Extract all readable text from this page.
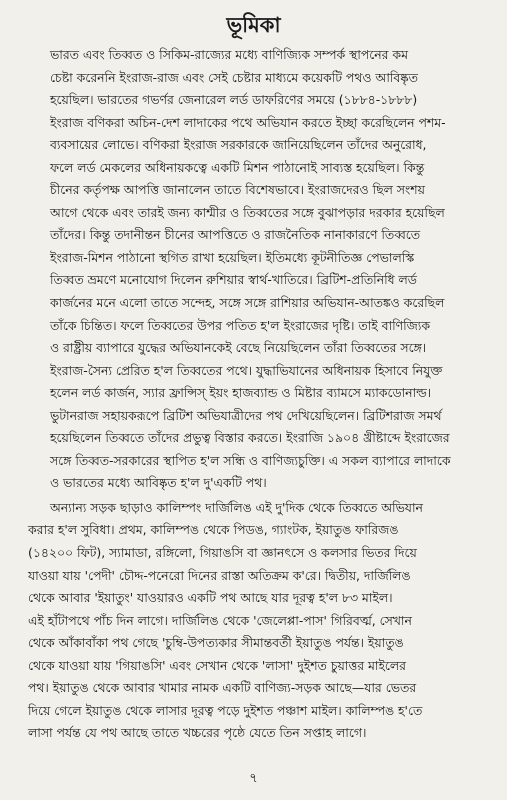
ভূমিকা
ভারত এবং তিব্বত ও সিকিম-রাজ্যের মধ্যে বাণিজ্যিক সম্পর্ক স্থাপনের কম
চেষ্টা করেননি ইংরাজ-রাজ এবং সেই চেষ্টার মাধ্যমে কয়েকটি পথও আবিষ্কৃত
হয়েছিল। ভারতের গভর্ণর জেনারেল লর্ড ডাফরিণের সময়ে (১৮৮৪-১৮৮৮)
ইংরাজ বণিকরা অচিন-দেশ লাদাকের পথে অভিযান করতে ইচ্ছা করেছিলেন পশম-
ব্যবসায়ের লোভে। বণিকরা ইংরাজ সরকারকে জানিয়েছিলেন তাঁদের অনুরোধ,
ফলে লর্ড মেকলের অধিনায়কত্বে একটি মিশন পাঠানোই সাব্যস্ত হয়েছিল। কিন্তু
চীনের কর্তৃপক্ষ আপত্তি জানালেন তাতে বিশেষভাবে। ইংরাজদেরও ছিল সংশয়
আগে থেকে এবং তারই জন্য কাশ্মীর ও তিব্বতের সঙ্গে বুঝাপড়ার দরকার হয়েছিল
তাঁদের। কিন্তু তদানীন্তন চীনের আপত্তিতে ও রাজনৈতিক নানাকারণে তিব্বতে
ইংরাজ-মিশন পাঠানো স্থগিত রাখা হয়েছিল। ইতিমধ্যে কূটনীতিজ্ঞ পেভালস্কি
তিব্বত ভ্রমণে মনোযোগ দিলেন রুশিয়ার স্বার্থ-খাতিরে। ব্রিটিশ-প্রতিনিধি লর্ড
কার্জনের মনে এলো তাতে সন্দেহ, সঙ্গে সঙ্গে রাশিয়ার অভিযান-আতঙ্কও করেছিল
তাঁকে চিন্তিত। ফলে তিব্বতের উপর পতিত হ'ল ইংরাজের দৃষ্টি। তাই বাণিজ্যিক
ও রাষ্ট্রীয় ব্যাপারে যুদ্ধের অভিযানকেই বেছে নিয়েছিলেন তাঁরা তিব্বতের সঙ্গে।
ইংরাজ-সৈন্য প্রেরিত হ'ল তিব্বতের পথে। যুদ্ধাভিযানের অধিনায়ক হিসাবে নিযুক্ত
হলেন লর্ড কার্জন, স্যার ফ্রান্সিস্ ইয়ং হাজব্যান্ড ও মিষ্টার ব্যামসে ম্যাকডোনাল্ড।
ভুটানরাজ সহায়করূপে ব্রিটিশ অভিযাত্রীদের পথ দেখিয়েছিলেন। ব্রিটিশরাজ সমর্থ
হয়েছিলেন তিব্বতে তাঁদের প্রভুত্ব বিস্তার করতে। ইংরাজি ১৯০৪ খ্রীষ্টাব্দে ইংরাজের
সঙ্গে তিব্বত-সরকারের স্থাপিত হ'ল সন্ধি ও বাণিজ্যচুক্তি। এ সকল ব্যাপারে লাদাকে
ও ভারতের মধ্যে আবিষ্কৃত হ'ল দু'একটি পথ।
অন্যান্য সড়ক ছাড়াও কালিম্পং দার্জিলিঙ এই দু'দিক থেকে তিব্বতে অভিযান
করার হ'ল সুবিধা। প্রথম, কালিম্পঙ থেকে পিডঙ, গ্যাংটক, ইয়াতুঙ ফারিজঙ
(১৪২০০ ফিট), স্যামাডা, রঙ্গিলো, গিয়াঙসি বা জ্ঞানৎসে ও কলসার ভিতর দিয়ে
যাওয়া যায় 'পেদী' চৌদ্দ-পনেরো দিনের রাস্তা অতিক্রম ক'রে। দ্বিতীয়, দার্জিলিঙ
থেকে আবার 'ইয়াতুং' যাওয়ারও একটি পথ আছে যার দূরত্ব হ'ল ৮৩ মাইল।
এই হাঁটাপথে পাঁচ দিন লাগে। দার্জিলিঙ থেকে 'জেলেপ্পা-পাস' গিরিবর্ত্ম, সেখান
থেকে আঁকাবাঁকা পথ গেছে 'চুম্বি-উপত্যকার সীমান্তবর্তী ইয়াতুঙ পর্যন্ত। ইয়াতুঙ
থেকে যাওয়া যায় 'গিয়াঙসি' এবং সেখান থেকে 'লাসা' দুইশত চুয়াত্তর মাইলের
পথ। ইয়াতুঙ থেকে আবার খামার নামক একটি বাণিজ্য-সড়ক আছে—যার ভেতর
দিয়ে গেলে ইয়াতুঙ থেকে লাসার দূরত্ব পড়ে দুইশত পঞ্চাশ মাইল। কালিম্পঙ হ'তে
লাসা পর্যন্ত যে পথ আছে তাতে খচ্চরের পৃষ্ঠে যেতে তিন সপ্তাহ লাগে।
৭
